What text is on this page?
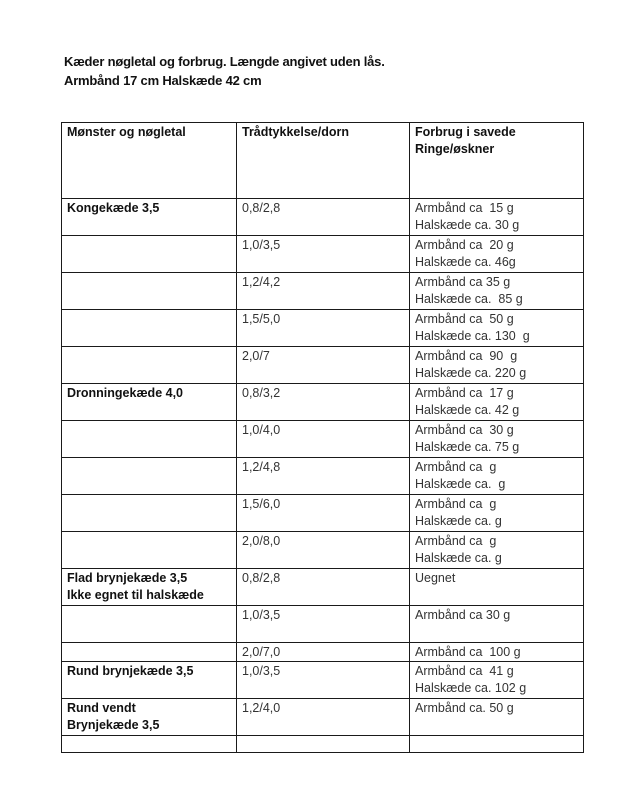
Kæder nøgletal og forbrug. Længde angivet uden lås.
Armbånd 17 cm Halskæde 42 cm
Mønster og nøgletal	Trådtykkelse/dorn	Forbrug i savede
Ringe/øskner

Kongekæde 3,5	0,8/2,8	Armbånd ca  15 g
Halskæde ca. 30 g

	1,0/3,5	Armbånd ca  20 g
Halskæde ca. 46g

	1,2/4,2	Armbånd ca 35 g
Halskæde ca.  85 g

	1,5/5,0	Armbånd ca  50 g
Halskæde ca. 130  g

	2,0/7	Armbånd ca  90  g
Halskæde ca. 220 g

Dronningekæde 4,0	0,8/3,2	Armbånd ca  17 g
Halskæde ca. 42 g

	1,0/4,0	Armbånd ca  30 g
Halskæde ca. 75 g

	1,2/4,8	Armbånd ca  g
Halskæde ca.  g

	1,5/6,0	Armbånd ca  g
Halskæde ca. g

	2,0/8,0	Armbånd ca  g
Halskæde ca. g

Flad brynjekæde 3,5
Ikke egnet til halskæde	0,8/2,8	Uegnet

	1,0/3,5	Armbånd ca 30 g

	2,0/7,0	Armbånd ca  100 g

Rund brynjekæde 3,5	1,0/3,5	Armbånd ca  41 g
Halskæde ca. 102 g

Rund vendt
Brynjekæde 3,5	1,2/4,0	Armbånd ca. 50 g
